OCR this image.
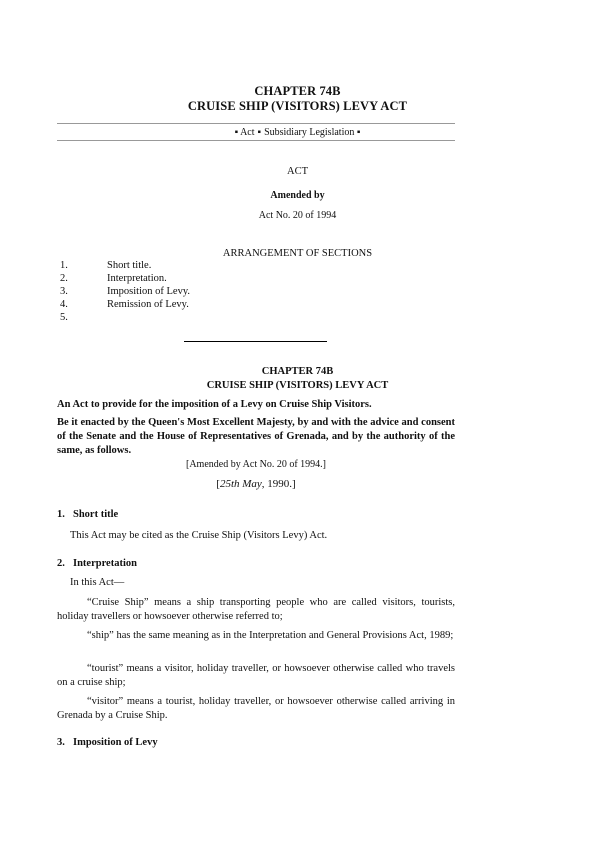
CHAPTER 74B
CRUISE SHIP (VISITORS) LEVY ACT
▪ Act ▪ Subsidiary Legislation ▪
ACT
Amended by
Act No. 20 of 1994
ARRANGEMENT OF SECTIONS
1.	Short title.
2.	Interpretation.
3.	Imposition of Levy.
4.	Remission of Levy.
5.
CHAPTER 74B
CRUISE SHIP (VISITORS) LEVY ACT
An Act to provide for the imposition of a Levy on Cruise Ship Visitors.
Be it enacted by the Queen's Most Excellent Majesty, by and with the advice and consent of the Senate and the House of Representatives of Grenada, and by the authority of the same, as follows.
[Amended by Act No. 20 of 1994.]
[25th May, 1990.]
1. Short title
This Act may be cited as the Cruise Ship (Visitors Levy) Act.
2. Interpretation
In this Act—
“Cruise Ship” means a ship transporting people who are called visitors, tourists, holiday travellers or howsoever otherwise referred to;
“ship” has the same meaning as in the Interpretation and General Provisions Act, 1989;
“tourist” means a visitor, holiday traveller, or howsoever otherwise called who travels on a cruise ship;
“visitor” means a tourist, holiday traveller, or howsoever otherwise called arriving in Grenada by a Cruise Ship.
3. Imposition of Levy
